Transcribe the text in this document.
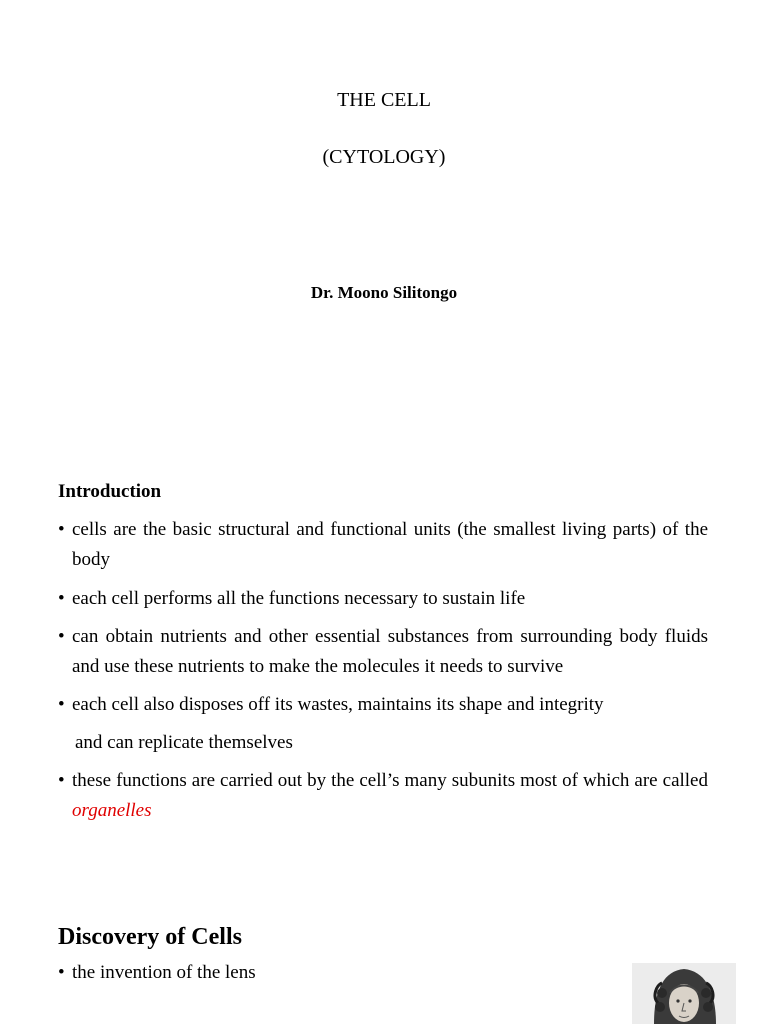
THE CELL
(CYTOLOGY)
Dr. Moono Silitongo
Introduction
• cells are the basic structural and functional units (the smallest living parts) of the body
• each cell performs all the functions necessary to sustain life
• can obtain nutrients and other essential substances from surrounding body fluids and use these nutrients to make the molecules it needs to survive
• each cell also disposes off its wastes, maintains its shape and integrity
and can replicate themselves
• these functions are carried out by the cell’s many subunits most of which are called organelles
Discovery of Cells
• the invention of the lens
